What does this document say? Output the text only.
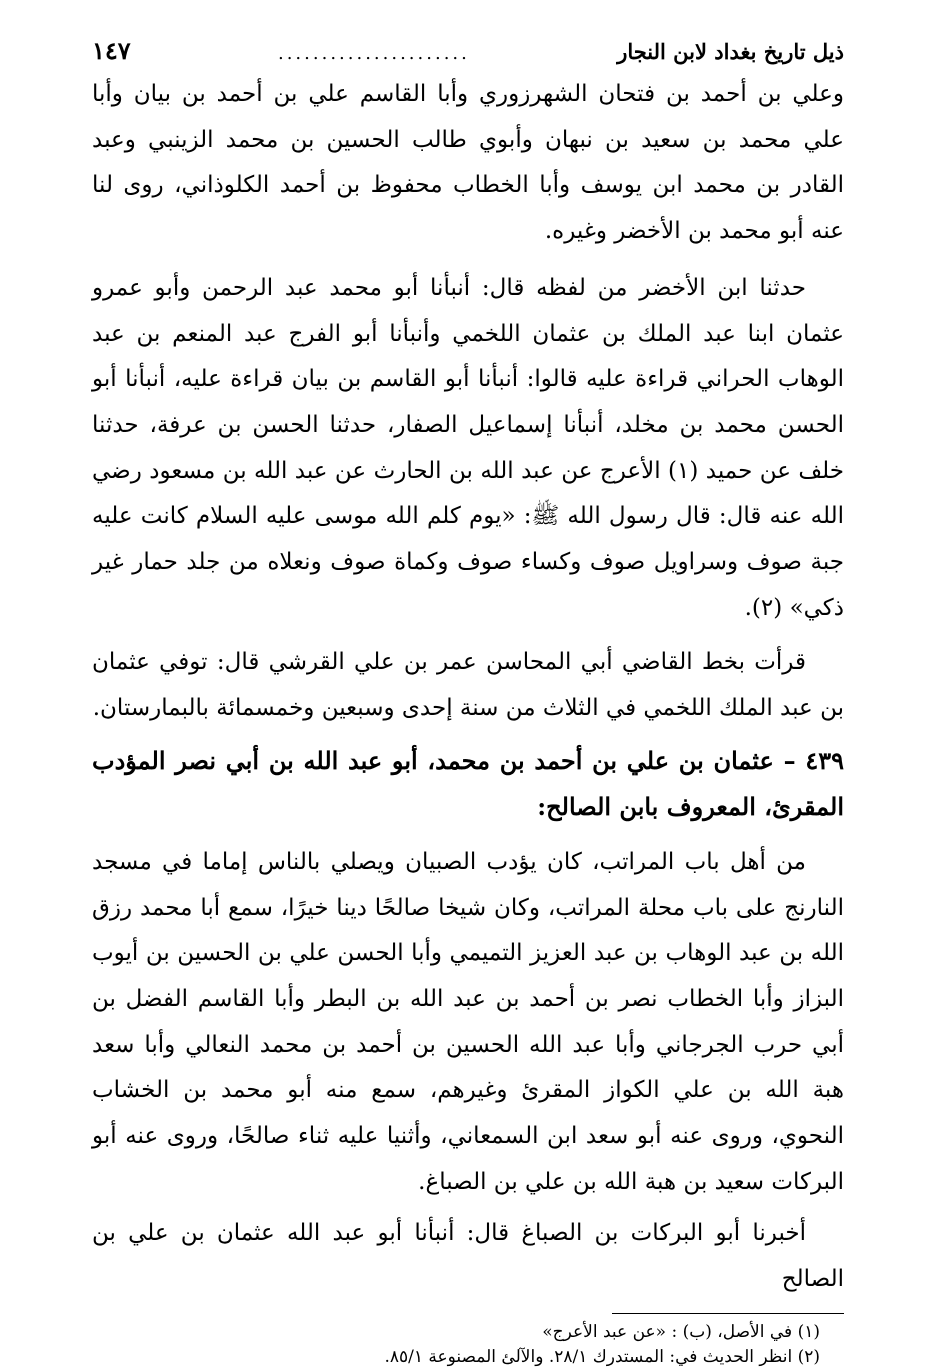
ذيل تاريخ بغداد لابن النجار
......................
١٤٧

وعلي بن أحمد بن فتحان الشهرزوري وأبا القاسم علي بن أحمد بن بيان وأبا علي محمد بن سعيد بن نبهان وأبوي طالب الحسين بن محمد الزينبي وعبد القادر بن محمد ابن يوسف وأبا الخطاب محفوظ بن أحمد الكلوذاني، روى لنا عنه أبو محمد بن الأخضر وغيره.

حدثنا ابن الأخضر من لفظه قال: أنبأنا أبو محمد عبد الرحمن وأبو عمرو عثمان ابنا عبد الملك بن عثمان اللخمي وأنبأنا أبو الفرج عبد المنعم بن عبد الوهاب الحراني قراءة عليه قالوا: أنبأنا أبو القاسم بن بيان قراءة عليه، أنبأنا أبو الحسن محمد بن مخلد، أنبأنا إسماعيل الصفار، حدثنا الحسن بن عرفة، حدثنا خلف عن حميد (١) الأعرج عن عبد الله بن الحارث عن عبد الله بن مسعود رضي الله عنه قال: قال رسول الله ﷺ: «يوم كلم الله موسى عليه السلام كانت عليه جبة صوف وسراويل صوف وكساء صوف وكماة صوف ونعلاه من جلد حمار غير ذكي» (٢).

قرأت بخط القاضي أبي المحاسن عمر بن علي القرشي قال: توفي عثمان بن عبد الملك اللخمي في الثلاث من سنة إحدى وسبعين وخمسمائة بالبمارستان.

٤٣٩ – عثمان بن علي بن أحمد بن محمد، أبو عبد الله بن أبي نصر المؤدب المقرئ، المعروف بابن الصالح:

من أهل باب المراتب، كان يؤدب الصبيان ويصلي بالناس إماما في مسجد النارنج على باب محلة المراتب، وكان شيخا صالحًا دينا خيرًا، سمع أبا محمد رزق الله بن عبد الوهاب بن عبد العزيز التميمي وأبا الحسن علي بن الحسين بن أيوب البزاز وأبا الخطاب نصر بن أحمد بن عبد الله بن البطر وأبا القاسم الفضل بن أبي حرب الجرجاني وأبا عبد الله الحسين بن أحمد بن محمد النعالي وأبا سعد هبة الله بن علي الكواز المقرئ وغيرهم، سمع منه أبو محمد بن الخشاب النحوي، وروى عنه أبو سعد ابن السمعاني، وأثنيا عليه ثناء صالحًا، وروى عنه أبو البركات سعيد بن هبة الله بن علي بن الصباغ.

أخبرنا أبو البركات بن الصباغ قال: أنبأنا أبو عبد الله عثمان بن علي بن الصالح

(١) في الأصل، (ب) : «عن عبد الأعرج»

(٢) انظر الحديث في: المستدرك ٢٨/١. والآلئ المصنوعة ٨٥/١.
